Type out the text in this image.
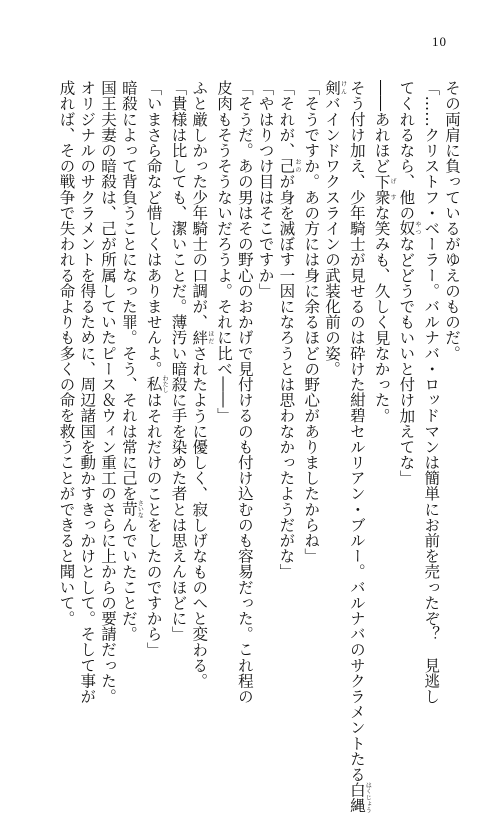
10

その両肩に負っているがゆえのものだ。

「……クリストフ・ベーラー。バルナバ・ロッドマンは簡単にお前を売ったぞ？　見逃し

てくれるなら、他の奴やつなどどうでもいいと付け加えてな」

――あれほど下衆げすな笑みも、久しく見なかった。

そう付け加え、少年騎士が見せるのは砕けた紺碧セルリアン・ブルー。バルナバのサクラメントたる白縄はくじょう

剣けんバインドワクスラインの武装化前の姿。

「そうですか。あの方には身に余るほどの野心がありましたからね」

「それが、己おのが身を滅ぼす一因になろうとは思わなかったようだがな」

「やはりつけ目はそこですか」

「そうだ。あの男はその野心のおかげで見付けるのも付け込むのも容易だった。これ程の

皮肉もそうそうないだろうよ。それに比べ――」

ふと厳しかった少年騎士の口調が、絆ほだされたように優しく、寂しげなものへと変わる。

「貴様は比しても、潔いことだ。薄汚い暗殺に手を染めた者とは思えんほどに」

「いまさら命など惜しくはありませんよ。私わたしはそれだけのことをしたのですから」

暗殺によって背負うことになった罪。そう、それは常に己を苛さいなんでいたことだ。

国王夫妻の暗殺は、己が所属していたピース＆ウィン重工のさらに上からの要請だった。

オリジナルのサクラメントを得るために、周辺諸国を動かすきっかけとして。そして事が

成れば、その戦争で失われる命よりも多くの命を救うことができると聞いて。
